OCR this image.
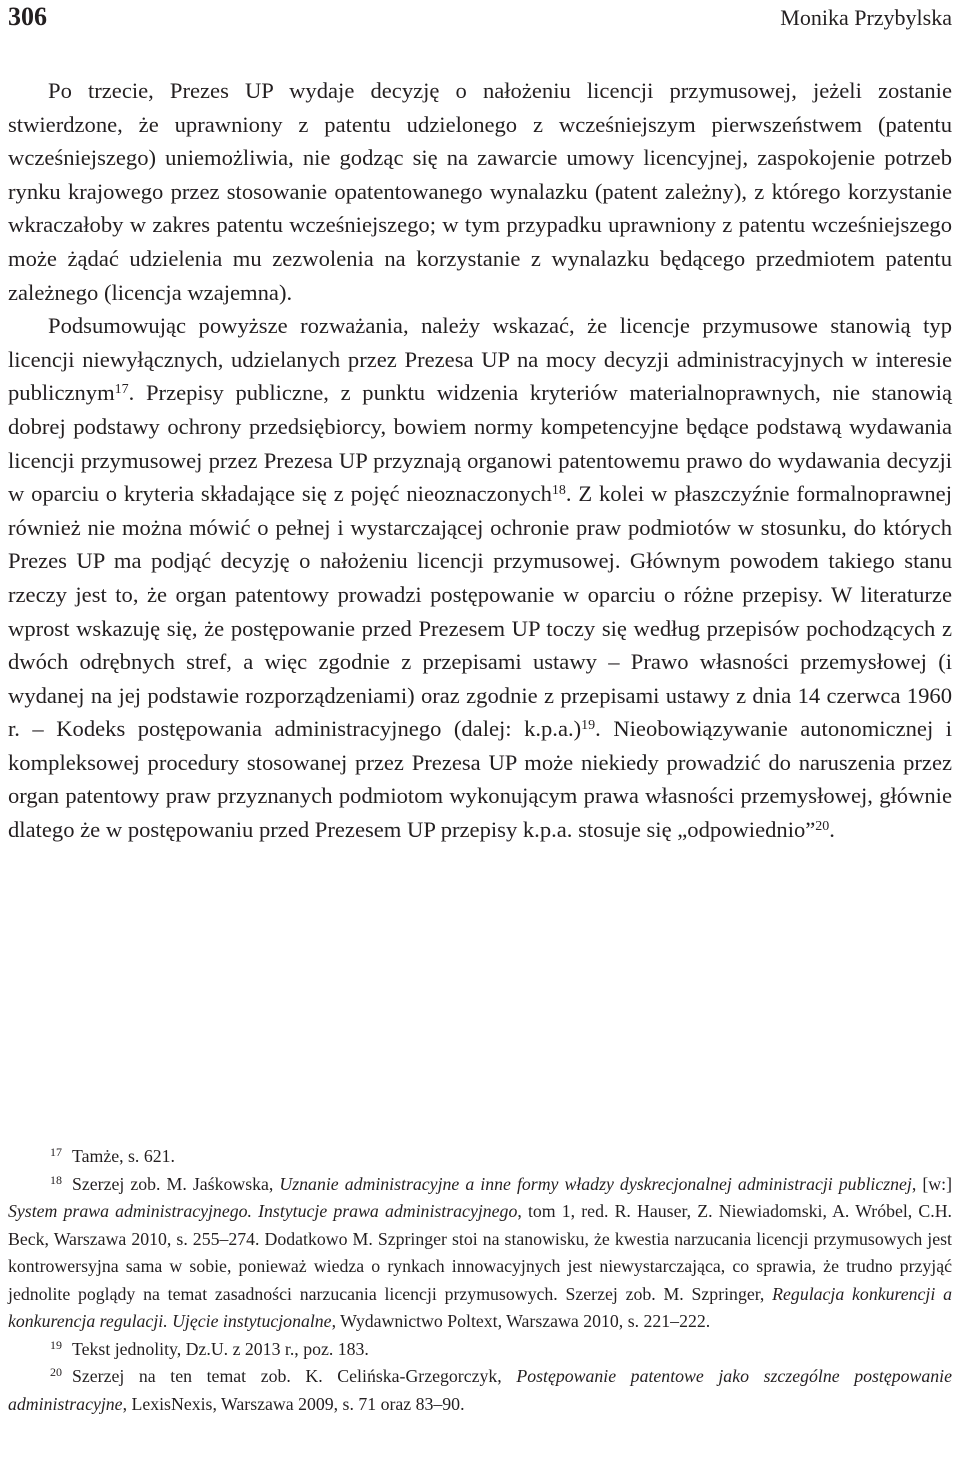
306	Monika Przybylska

Po trzecie, Prezes UP wydaje decyzję o nałożeniu licencji przymusowej, jeżeli zostanie stwierdzone, że uprawniony z patentu udzielonego z wcześniejszym pierwszeństwem (patentu wcześniejszego) uniemożliwia, nie godząc się na zawarcie umowy licencyjnej, zaspokojenie potrzeb rynku krajowego przez stosowanie opatentowanego wynalazku (patent zależny), z którego korzystanie wkraczałoby w zakres patentu wcześniejszego; w tym przypadku uprawniony z patentu wcześniejszego może żądać udzielenia mu zezwolenia na korzystanie z wynalazku będącego przedmiotem patentu zależnego (licencja wzajemna).

Podsumowując powyższe rozważania, należy wskazać, że licencje przymusowe stanowią typ licencji niewyłącznych, udzielanych przez Prezesa UP na mocy decyzji administracyjnych w interesie publicznym$^{17}$. Przepisy publiczne, z punktu widzenia kryteriów materialnoprawnych, nie stanowią dobrej podstawy ochrony przedsiębiorcy, bowiem normy kompetencyjne będące podstawą wydawania licencji przymusowej przez Prezesa UP przyznają organowi patentowemu prawo do wydawania decyzji w oparciu o kryteria składające się z pojęć nieoznaczonych$^{18}$. Z kolei w płaszczyźnie formalnoprawnej również nie można mówić o pełnej i wystarczającej ochronie praw podmiotów w stosunku, do których Prezes UP ma podjąć decyzję o nałożeniu licencji przymusowej. Głównym powodem takiego stanu rzeczy jest to, że organ patentowy prowadzi postępowanie w oparciu o różne przepisy. W literaturze wprost wskazuję się, że postępowanie przed Prezesem UP toczy się według przepisów pochodzących z dwóch odrębnych stref, a więc zgodnie z przepisami ustawy – Prawo własności przemysłowej (i wydanej na jej podstawie rozporządzeniami) oraz zgodnie z przepisami ustawy z dnia 14 czerwca 1960 r. – Kodeks postępowania administracyjnego (dalej: k.p.a.)$^{19}$. Nieobowiązywanie autonomicznej i kompleksowej procedury stosowanej przez Prezesa UP może niekiedy prowadzić do naruszenia przez organ patentowy praw przyznanych podmiotom wykonującym prawa własności przemysłowej, głównie dlatego że w postępowaniu przed Prezesem UP przepisy k.p.a. stosuje się „odpowiednio”$^{20}$.

$^{17}$ Tamże, s. 621.

$^{18}$ Szerzej zob. M. Jaśkowska, Uznanie administracyjne a inne formy władzy dyskrecjonalnej administracji publicznej, [w:] System prawa administracyjnego. Instytucje prawa administracyjnego, tom 1, red. R. Hauser, Z. Niewiadomski, A. Wróbel, C.H. Beck, Warszawa 2010, s. 255–274. Dodatkowo M. Szpringer stoi na stanowisku, że kwestia narzucania licencji przymusowych jest kontrowersyjna sama w sobie, ponieważ wiedza o rynkach innowacyjnych jest niewystarczająca, co sprawia, że trudno przyjąć jednolite poglądy na temat zasadności narzucania licencji przymusowych. Szerzej zob. M. Szpringer, Regulacja konkurencji a konkurencja regulacji. Ujęcie instytucjonalne, Wydawnictwo Poltext, Warszawa 2010, s. 221–222.

$^{19}$ Tekst jednolity, Dz.U. z 2013 r., poz. 183.

$^{20}$ Szerzej na ten temat zob. K. Celińska-Grzegorczyk, Postępowanie patentowe jako szczególne postępowanie administracyjne, LexisNexis, Warszawa 2009, s. 71 oraz 83–90.
